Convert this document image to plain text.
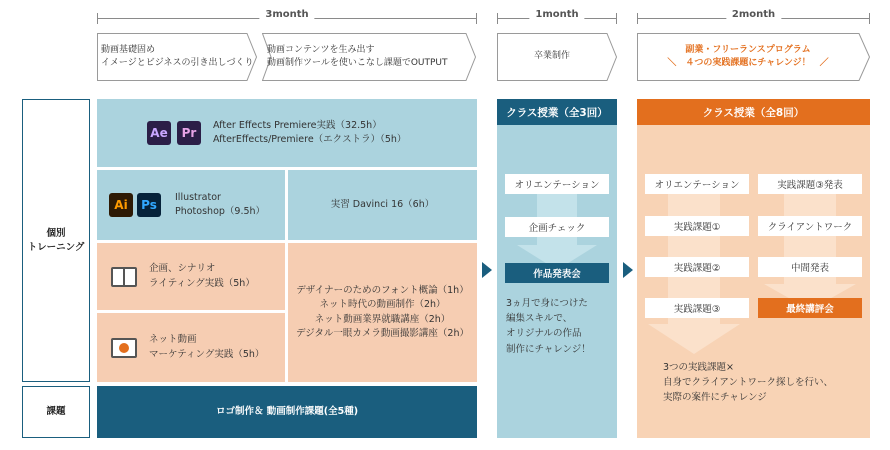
3month	1month	2month
動画基礎固め
イメージとビジネスの引き出しづくり
動画コンテンツを生み出す
動画制作ツールを使いこなし課題でOUTPUT
卒業制作
副業・フリーランスプログラム
＼　４つの実践課題にチャレンジ！　／
個別
トレーニング
課題
Ae	Pr
After Effects Premiere実践（32.5h）
AfterEffects/Premiere（エクストラ）（5h）
Ai	Ps
Illustrator
Photoshop（9.5h）
実習 Davinci 16（6h）
企画、シナリオ
ライティング実践（5h）
ネット動画
マーケティング実践（5h）
デザイナーのためのフォント概論（1h）
ネット時代の動画制作（2h）
ネット動画業界就職講座（2h）
デジタル一眼カメラ動画撮影講座（2h）
ロゴ制作＆ 動画制作課題(全5種)
クラス授業（全3回）
オリエンテーション
企画チェック
作品発表会
3ヵ月で身につけた
編集スキルで、
オリジナルの作品
制作にチャレンジ！
クラス授業（全8回）
オリエンテーション
実践課題①
実践課題②
実践課題③
実践課題③発表
クライアントワーク
中間発表
最終講評会
3つの実践課題×
自身でクライアントワーク探しを行い、
実際の案件にチャレンジ
